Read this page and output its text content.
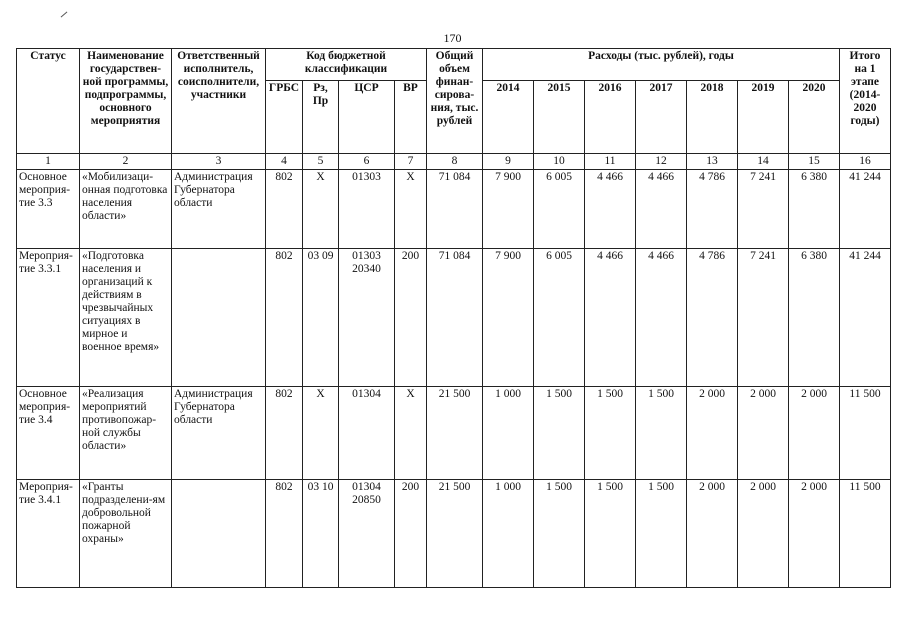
170
Статус	Наименование государствен-ной программы, подпрограммы, основного мероприятия	Ответственный исполнитель, соисполнители, участники	Код бюджетной классификации				Общий объем финан-сирова-ния, тыс. рублей	Расходы (тыс. рублей), годы							Итого на 1 этапе (2014-2020 годы)
			ГРБС	Рз, Пр	ЦСР	ВР		2014	2015	2016	2017	2018	2019	2020	
1	2	3	4	5	6	7	8	9	10	11	12	13	14	15	16
Основное мероприя-тие 3.3	«Мобилизаци-онная подготовка населения области»	Администрация Губернатора области	802	X	01303	X	71 084	7 900	6 005	4 466	4 466	4 786	7 241	6 380	41 244
Мероприя-тие 3.3.1	«Подготовка населения и организаций к действиям в чрезвычайных ситуациях в мирное и военное время»		802	03 09	01303 20340	200	71 084	7 900	6 005	4 466	4 466	4 786	7 241	6 380	41 244
Основное мероприя-тие 3.4	«Реализация мероприятий противопожар-ной службы области»	Администрация Губернатора области	802	X	01304	X	21 500	1 000	1 500	1 500	1 500	2 000	2 000	2 000	11 500
Мероприя-тие 3.4.1	«Гранты подразделени-ям добровольной пожарной охраны»		802	03 10	01304 20850	200	21 500	1 000	1 500	1 500	1 500	2 000	2 000	2 000	11 500
